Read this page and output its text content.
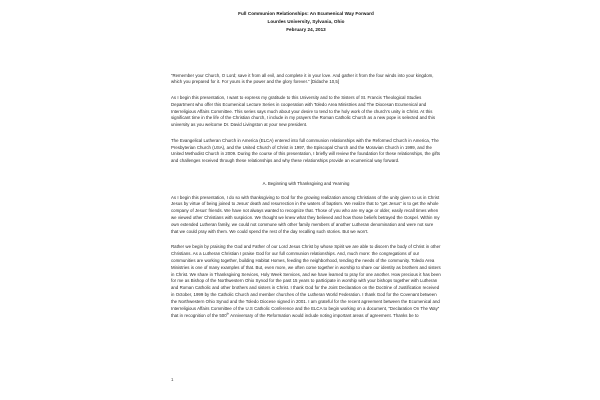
Full Communion Relationships: An Ecumenical Way Forward
Lourdes University, Sylvania, Ohio
February 24, 2013

“Remember your Church, O Lord; save it from all evil, and complete it in your love. And gather it from the four winds into your kingdom, which you prepared for it. For yours is the power and the glory forever.” [Didache 10,5]

As I begin this presentation, I want to express my gratitude to this University and to the Sisters of St. Francis Theological Studies Department who offer this Ecumenical Lecture Series in cooperation with Toledo Area Ministries and The Diocesan Ecumenical and Interreligious Affairs Committee. This series says much about your desire to tend to the holy work of the church’s unity in Christ. At this significant time in the life of the Christian church, I include in my prayers the Roman Catholic Church as a new pope is selected and this university as you welcome Dr. David Livingston at your new president.

The Evangelical Lutheran Church in America (ELCA) entered into full communion relationships with the Reformed Church in America, The Presbyterian Church (USA), and the United Church of Christ in 1997, the Episcopal Church and the Moravian Church in 1999, and the United Methodist Church in 2009. During the course of this presentation, I briefly will review the foundation for these relationships, the gifts and challenges received through these relationships and why these relationships provide an ecumenical way forward.

A. Beginning with Thanksgiving and Yearning

As I begin this presentation, I do so with thanksgiving to God for the growing realization among Christians of the unity given to us in Christ Jesus by virtue of being joined to Jesus’ death and resurrection in the waters of baptism. We realize that to “get Jesus” is to get the whole company of Jesus’ friends. We have not always wanted to recognize that. Those of you who are my age or older, easily recall times when we viewed other Christians with suspicion. We thought we knew what they believed and how those beliefs betrayed the Gospel. Within my own extended Lutheran family, we could not commune with other family members of another Lutheran denomination and were not sure that we could pray with them. We could spend the rest of the day recalling such stories. But we won’t.

Rather we begin by praising the God and Father of our Lord Jesus Christ by whose Spirit we are able to discern the body of Christ in other Christians. As a Lutheran Christian I praise God for our full communion relationships. And, much more: the congregations of our communities are working together, building Habitat Homes, feeding the neighborhood, tending the needs of the community. Toledo Area Ministries is one of many examples of that. But, even more, we often come together in worship to share our identity as brothers and sisters in Christ. We share in Thanksgiving Services, Holy Week Services, and we have learned to pray for one another. How precious it has been for me as Bishop of the Northwestern Ohio Synod for the past 15 years to participate in worship with your bishops together with Lutheran and Roman Catholic and other brothers and sisters in Christ. I thank God for the Joint Declaration on the Doctrine of Justification received in October, 1999 by the Catholic Church and member churches of the Lutheran World Federation. I thank God for the Covenant between the Northwestern Ohio Synod and the Toledo Diocese signed in 2001. I am grateful for the recent agreement between the Ecumenical and Interreligious Affairs Committee of the U.S Catholic Conference and the ELCA to begin working on a document, “Declaration On The Way” that in recognition of the 500th Anniversary of the Reformation would include noting important areas of agreement. Thanks be to

1
